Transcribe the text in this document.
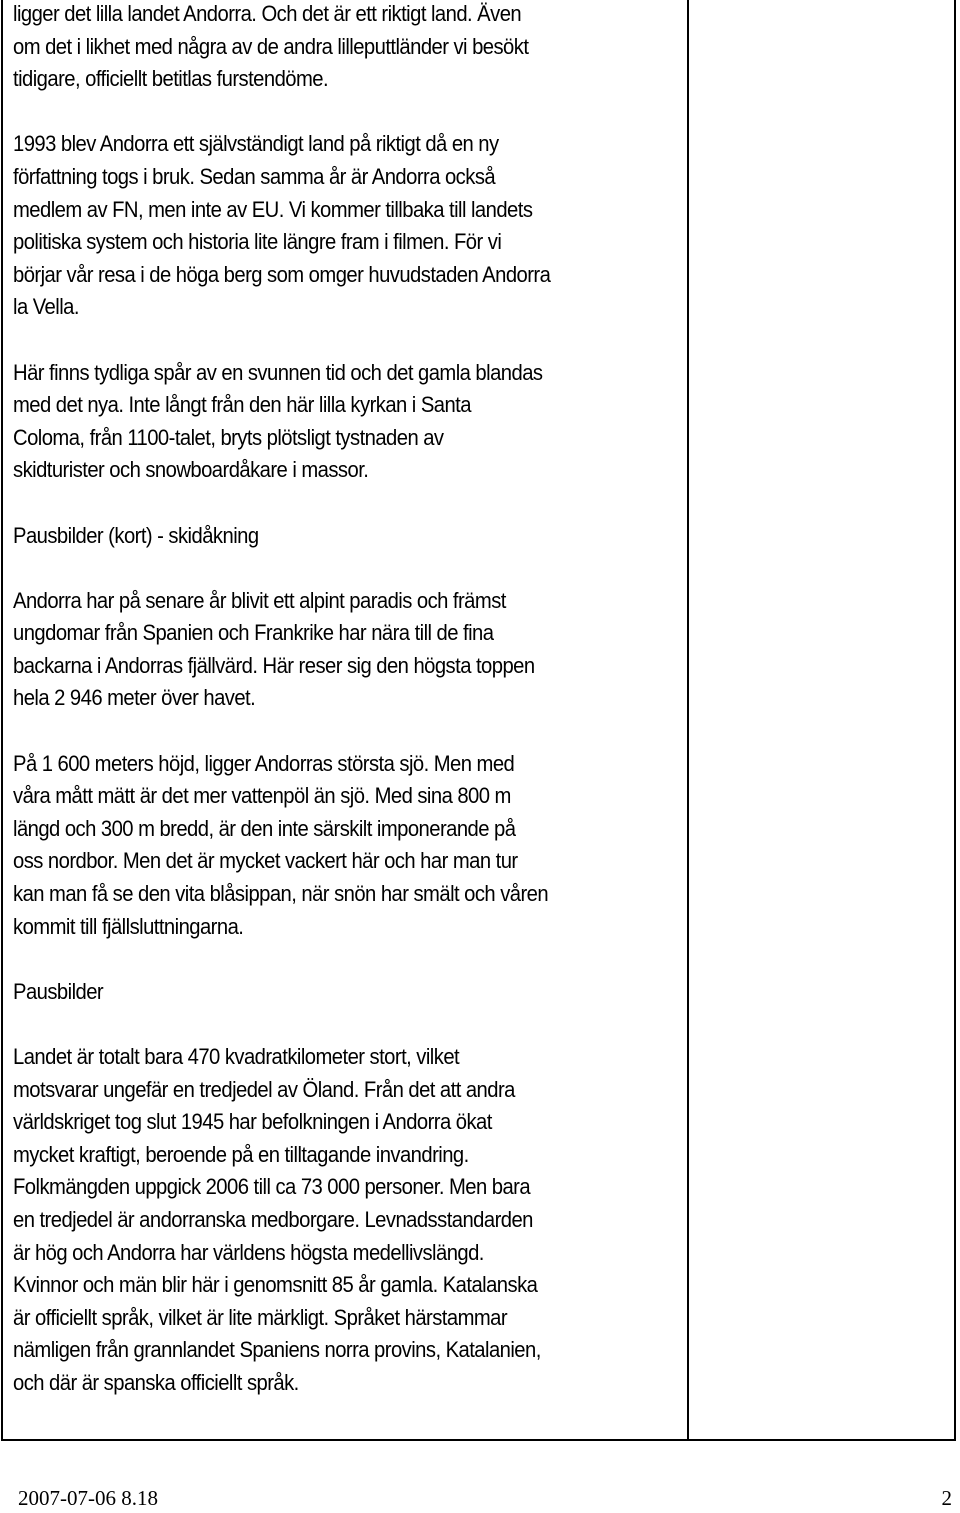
ligger det lilla landet Andorra. Och det är ett riktigt land. Även
om det i likhet med några av de andra lilleputtländer vi besökt
tidigare, officiellt betitlas furstendöme.

1993 blev Andorra ett självständigt land på riktigt då en ny
författning togs i bruk. Sedan samma år är Andorra också
medlem av FN, men inte av EU. Vi kommer tillbaka till landets
politiska system och historia lite längre fram i filmen. För vi
börjar vår resa i de höga berg som omger huvudstaden Andorra
la Vella.

Här finns tydliga spår av en svunnen tid och det gamla blandas
med det nya. Inte långt från den här lilla kyrkan i Santa
Coloma, från 1100-talet, bryts plötsligt tystnaden av
skidturister och snowboardåkare i massor.

Pausbilder (kort) - skidåkning

Andorra har på senare år blivit ett alpint paradis och främst
ungdomar från Spanien och Frankrike har nära till de fina
backarna i Andorras fjällvärd. Här reser sig den högsta toppen
hela 2 946 meter över havet.

På 1 600 meters höjd, ligger Andorras största sjö. Men med
våra mått mätt är det mer vattenpöl än sjö. Med sina 800 m
längd och 300 m bredd, är den inte särskilt imponerande på
oss nordbor. Men det är mycket vackert här och har man tur
kan man få se den vita blåsippan, när snön har smält och våren
kommit till fjällsluttningarna.

Pausbilder

Landet är totalt bara 470 kvadratkilometer stort, vilket
motsvarar ungefär en tredjedel av Öland. Från det att andra
världskriget tog slut 1945 har befolkningen i Andorra ökat
mycket kraftigt, beroende på en tilltagande invandring.
Folkmängden uppgick 2006 till ca 73 000 personer. Men bara
en tredjedel är andorranska medborgare. Levnadsstandarden
är hög och Andorra har världens högsta medellivslängd.
Kvinnor och män blir här i genomsnitt 85 år gamla. Katalanska
är officiellt språk, vilket är lite märkligt. Språket härstammar
nämligen från grannlandet Spaniens norra provins, Katalanien,
och där är spanska officiellt språk.

2007-07-06 8.18	2
